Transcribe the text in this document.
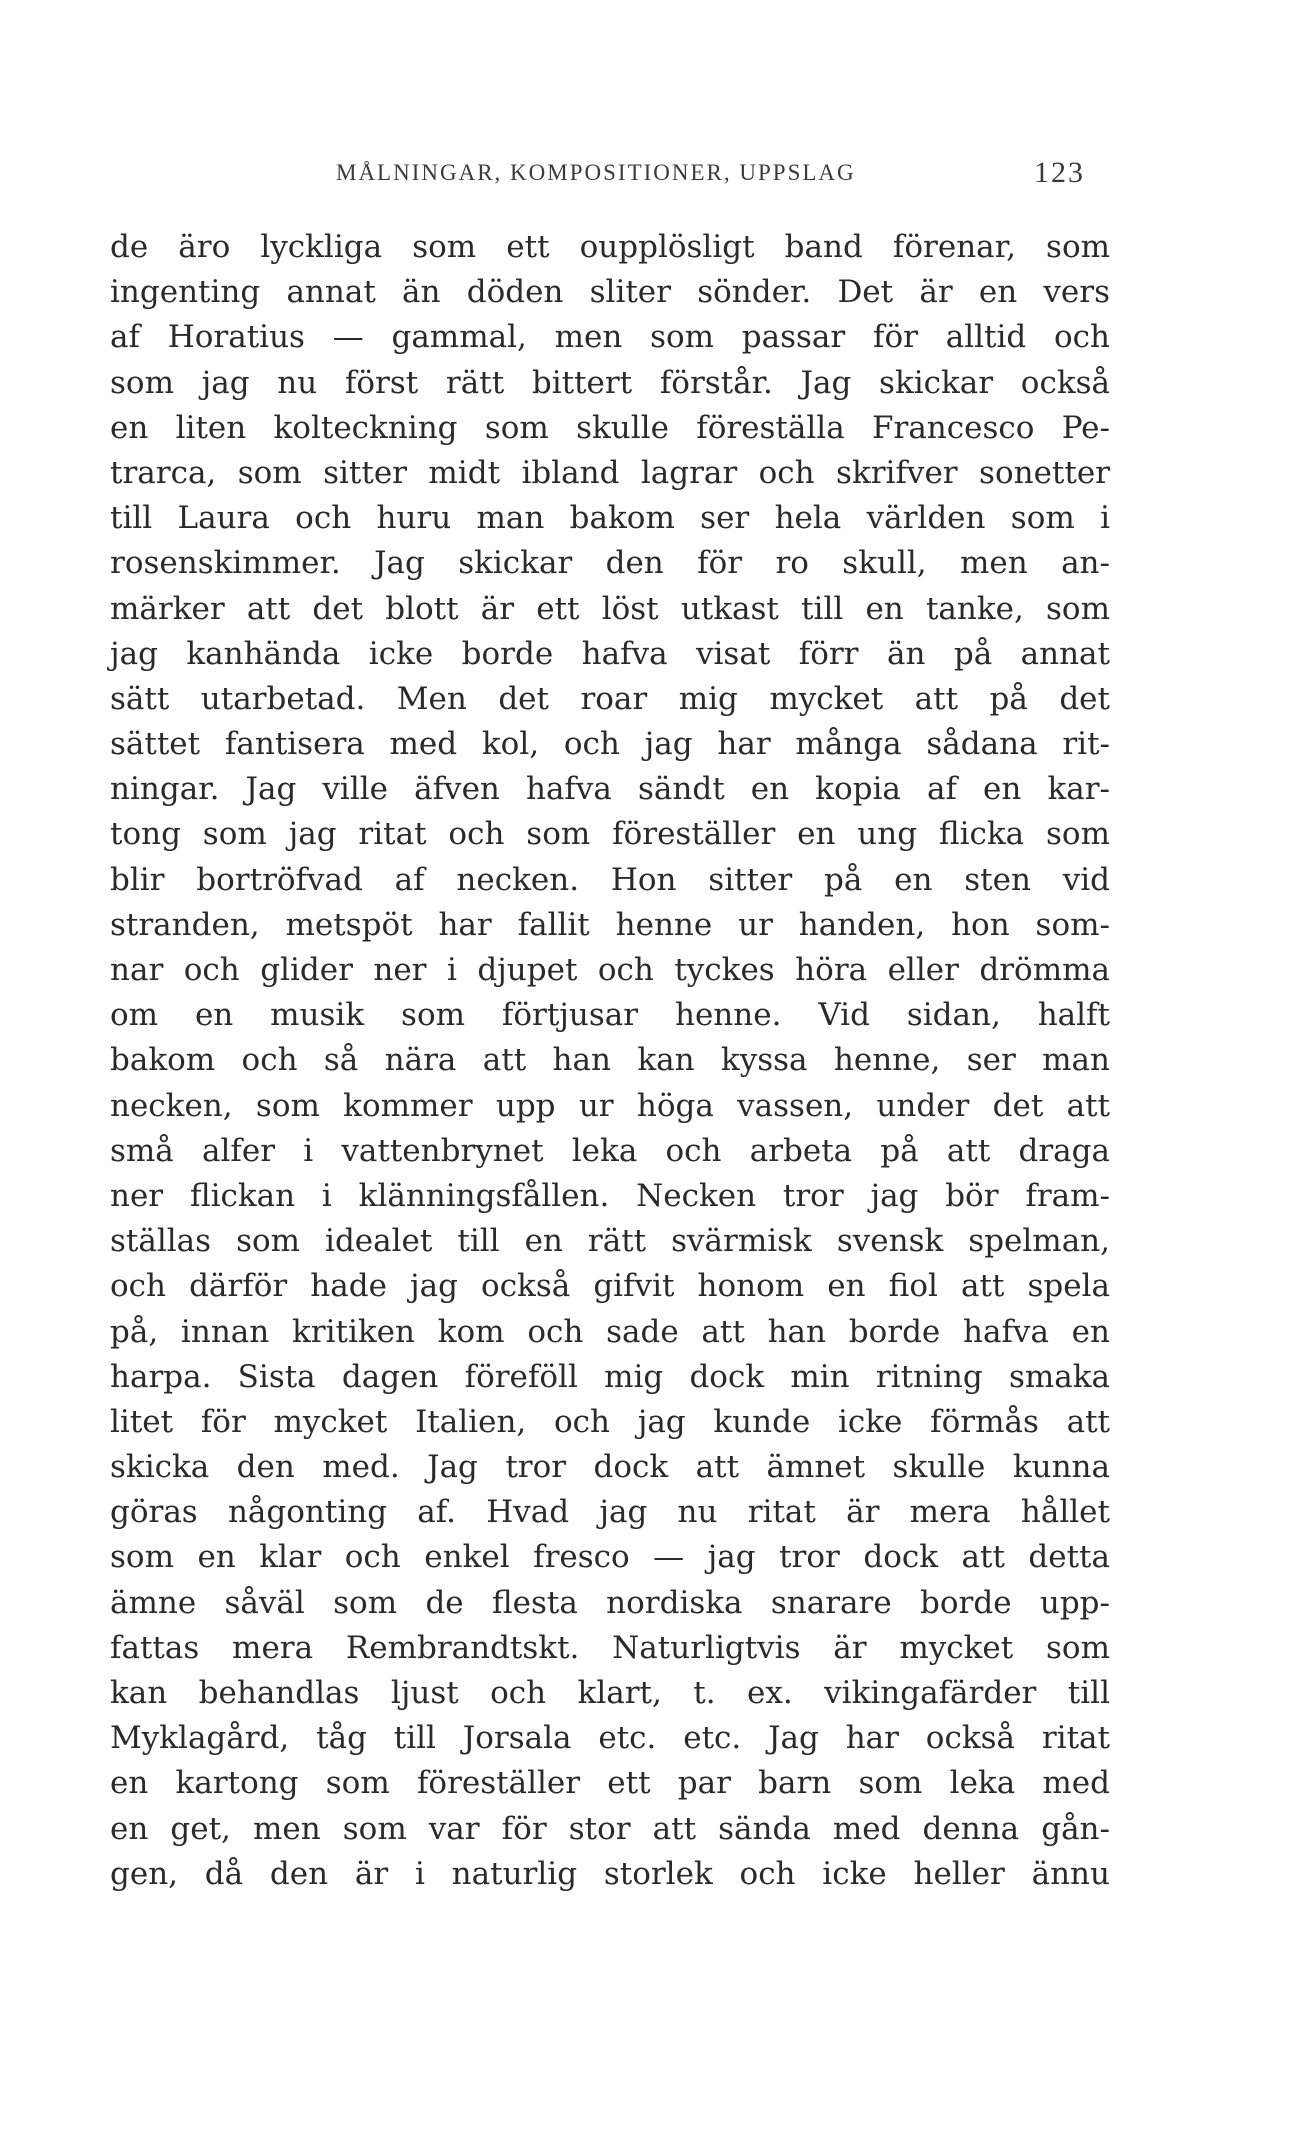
MÅLNINGAR, KOMPOSITIONER, UPPSLAG	123
de äro lyckliga som ett oupplösligt band förenar, som
ingenting annat än döden sliter sönder. Det är en vers
af Horatius — gammal, men som passar för alltid och
som jag nu först rätt bittert förstår. Jag skickar också
en liten kolteckning som skulle föreställa Francesco Pe-
trarca, som sitter midt ibland lagrar och skrifver sonetter
till Laura och huru man bakom ser hela världen som i
rosenskimmer. Jag skickar den för ro skull, men an-
märker att det blott är ett löst utkast till en tanke, som
jag kanhända icke borde hafva visat förr än på annat
sätt utarbetad. Men det roar mig mycket att på det
sättet fantisera med kol, och jag har många sådana rit-
ningar. Jag ville äfven hafva sändt en kopia af en kar-
tong som jag ritat och som föreställer en ung flicka som
blir bortröfvad af necken. Hon sitter på en sten vid
stranden, metspöt har fallit henne ur handen, hon som-
nar och glider ner i djupet och tyckes höra eller drömma
om en musik som förtjusar henne. Vid sidan, halft
bakom och så nära att han kan kyssa henne, ser man
necken, som kommer upp ur höga vassen, under det att
små alfer i vattenbrynet leka och arbeta på att draga
ner flickan i klänningsfållen. Necken tror jag bör fram-
ställas som idealet till en rätt svärmisk svensk spelman,
och därför hade jag också gifvit honom en fiol att spela
på, innan kritiken kom och sade att han borde hafva en
harpa. Sista dagen föreföll mig dock min ritning smaka
litet för mycket Italien, och jag kunde icke förmås att
skicka den med. Jag tror dock att ämnet skulle kunna
göras någonting af. Hvad jag nu ritat är mera hållet
som en klar och enkel fresco — jag tror dock att detta
ämne såväl som de flesta nordiska snarare borde upp-
fattas mera Rembrandtskt. Naturligtvis är mycket som
kan behandlas ljust och klart, t. ex. vikingafärder till
Myklagård, tåg till Jorsala etc. etc. Jag har också ritat
en kartong som föreställer ett par barn som leka med
en get, men som var för stor att sända med denna gån-
gen, då den är i naturlig storlek och icke heller ännu
